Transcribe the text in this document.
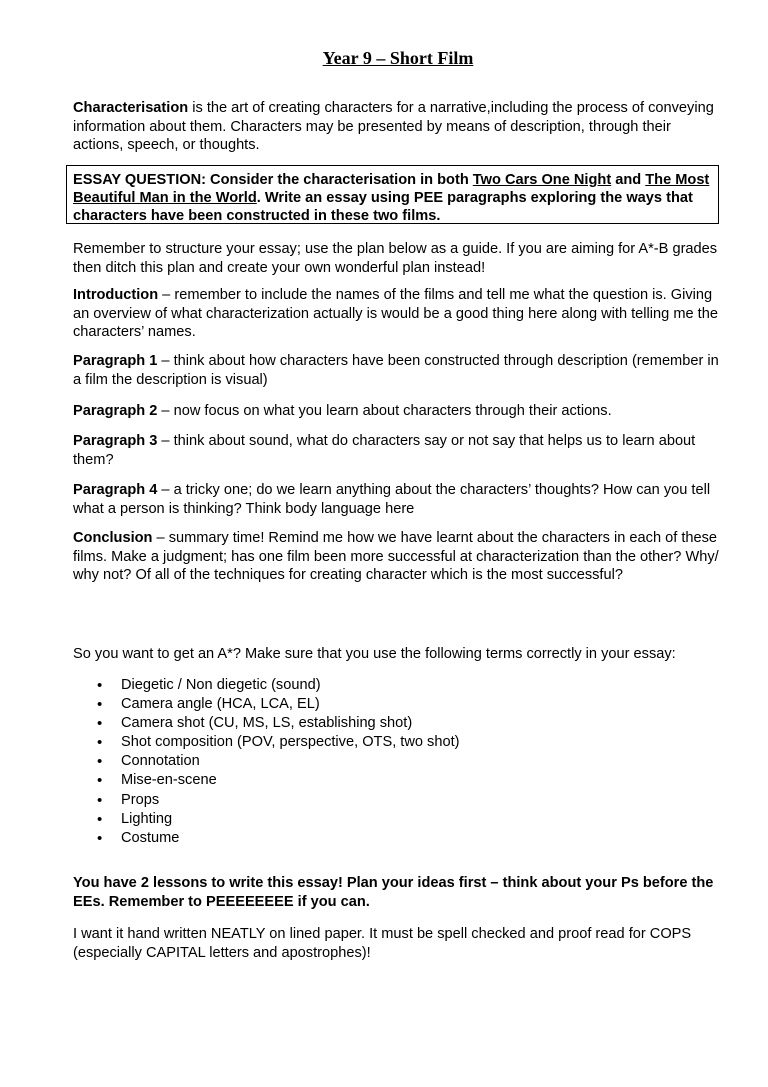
Year 9 – Short Film

Characterisation is the art of creating characters for a narrative,including the process of conveying information about them. Characters may be presented by means of description, through their actions, speech, or thoughts.

ESSAY QUESTION: Consider the characterisation in both Two Cars One Night and The Most Beautiful Man in the World. Write an essay using PEE paragraphs exploring the ways that characters have been constructed in these two films.

Remember to structure your essay; use the plan below as a guide. If you are aiming for A*-B grades then ditch this plan and create your own wonderful plan instead!

Introduction – remember to include the names of the films and tell me what the question is. Giving an overview of what characterization actually is would be a good thing here along with telling me the characters’ names.

Paragraph 1 – think about how characters have been constructed through description (remember in a film the description is visual)

Paragraph 2 – now focus on what you learn about characters through their actions.

Paragraph 3 – think about sound, what do characters say or not say that helps us to learn about them?

Paragraph 4 – a tricky one; do we learn anything about the characters’ thoughts? How can you tell what a person is thinking? Think body language here

Conclusion – summary time! Remind me how we have learnt about the characters in each of these films. Make a judgment; has one film been more successful at characterization than the other? Why/ why not? Of all of the techniques for creating character which is the most successful?

So you want to get an A*? Make sure that you use the following terms correctly in your essay:

• Diegetic / Non diegetic (sound)
• Camera angle (HCA, LCA, EL)
• Camera shot (CU, MS, LS, establishing shot)
• Shot composition (POV, perspective, OTS, two shot)
• Connotation
• Mise-en-scene
• Props
• Lighting
• Costume

You have 2 lessons to write this essay! Plan your ideas first – think about your Ps before the EEs. Remember to PEEEEEEEE if you can.

I want it hand written NEATLY on lined paper. It must be spell checked and proof read for COPS (especially CAPITAL letters and apostrophes)!
